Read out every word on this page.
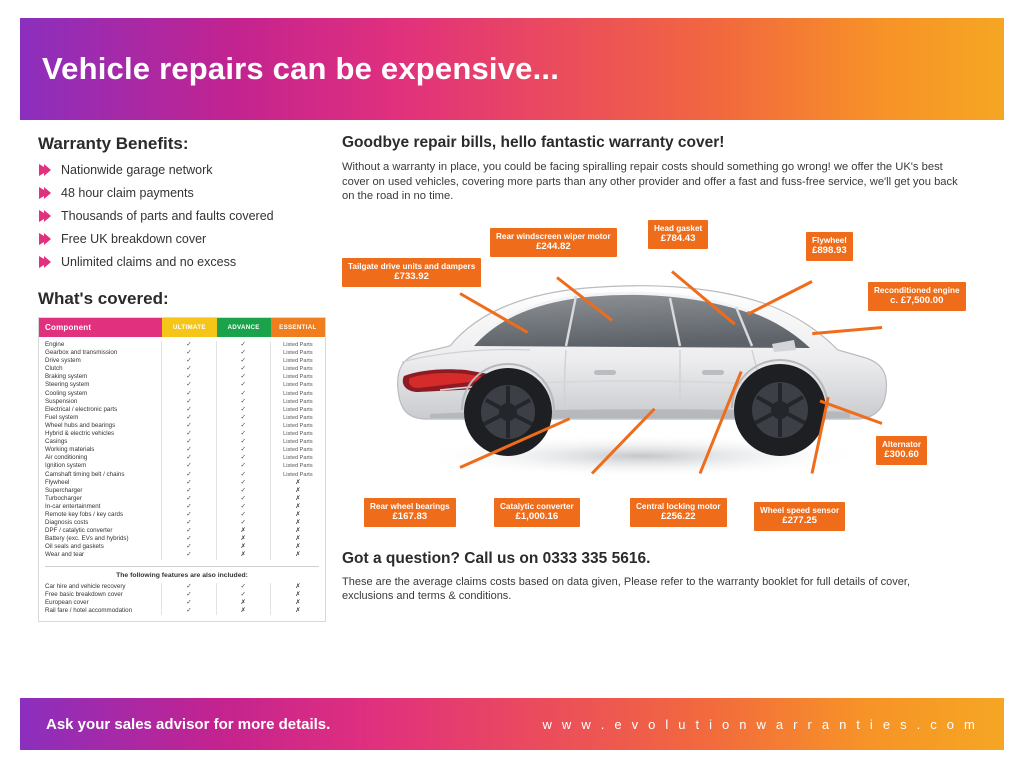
Vehicle repairs can be expensive...
Warranty Benefits:
Nationwide garage network
48 hour claim payments
Thousands of parts and faults covered
Free UK breakdown cover
Unlimited claims and no excess
What's covered:
Component	ULTIMATE	ADVANCE	ESSENTIAL
Engine	✓	✓	Listed Parts
Gearbox and transmission	✓	✓	Listed Parts
Drive system	✓	✓	Listed Parts
Clutch	✓	✓	Listed Parts
Braking system	✓	✓	Listed Parts
Steering system	✓	✓	Listed Parts
Cooling system	✓	✓	Listed Parts
Suspension	✓	✓	Listed Parts
Electrical / electronic parts	✓	✓	Listed Parts
Fuel system	✓	✓	Listed Parts
Wheel hubs and bearings	✓	✓	Listed Parts
Hybrid & electric vehicles	✓	✓	Listed Parts
Casings	✓	✓	Listed Parts
Working materials	✓	✓	Listed Parts
Air conditioning	✓	✓	Listed Parts
Ignition system	✓	✓	Listed Parts
Camshaft timing belt / chains	✓	✓	Listed Parts
Flywheel	✓	✓	✗
Supercharger	✓	✓	✗
Turbocharger	✓	✓	✗
In-car entertainment	✓	✓	✗
Remote key fobs / key cards	✓	✓	✗
Diagnosis costs	✓	✓	✗
DPF / catalytic converter	✓	✗	✗
Battery (exc. EVs and hybrids)	✓	✗	✗
Oil seals and gaskets	✓	✗	✗
Wear and tear	✓	✗	✗
The following features are also included:
Car hire and vehicle recovery	✓	✓	✗
Free basic breakdown cover	✓	✓	✗
European cover	✓	✗	✗
Rail fare / hotel accommodation	✓	✗	✗
Goodbye repair bills, hello fantastic warranty cover!
Without a warranty in place, you could be facing spiralling repair costs should something go wrong! we offer the UK's best cover on used vehicles, covering more parts than any other provider and offer a fast and fuss-free service, we'll get you back on the road in no time.
Tailgate drive units and dampers
£733.92
Rear windscreen wiper motor
£244.82
Head gasket
£784.43	Flywheel
£898.93
Reconditioned engine
c. £7,500.00
Alternator
£300.60
Rear wheel bearings
£167.83
Catalytic converter
£1,000.16
Central locking motor
£256.22
Wheel speed sensor
£277.25
Got a question? Call us on 0333 335 5616.
These are the average claims costs based on data given, Please refer to the warranty booklet for full details of cover, exclusions and terms & conditions.
Ask your sales advisor for more details.	w w w . e v o l u t i o n w a r r a n t i e s . c o m
